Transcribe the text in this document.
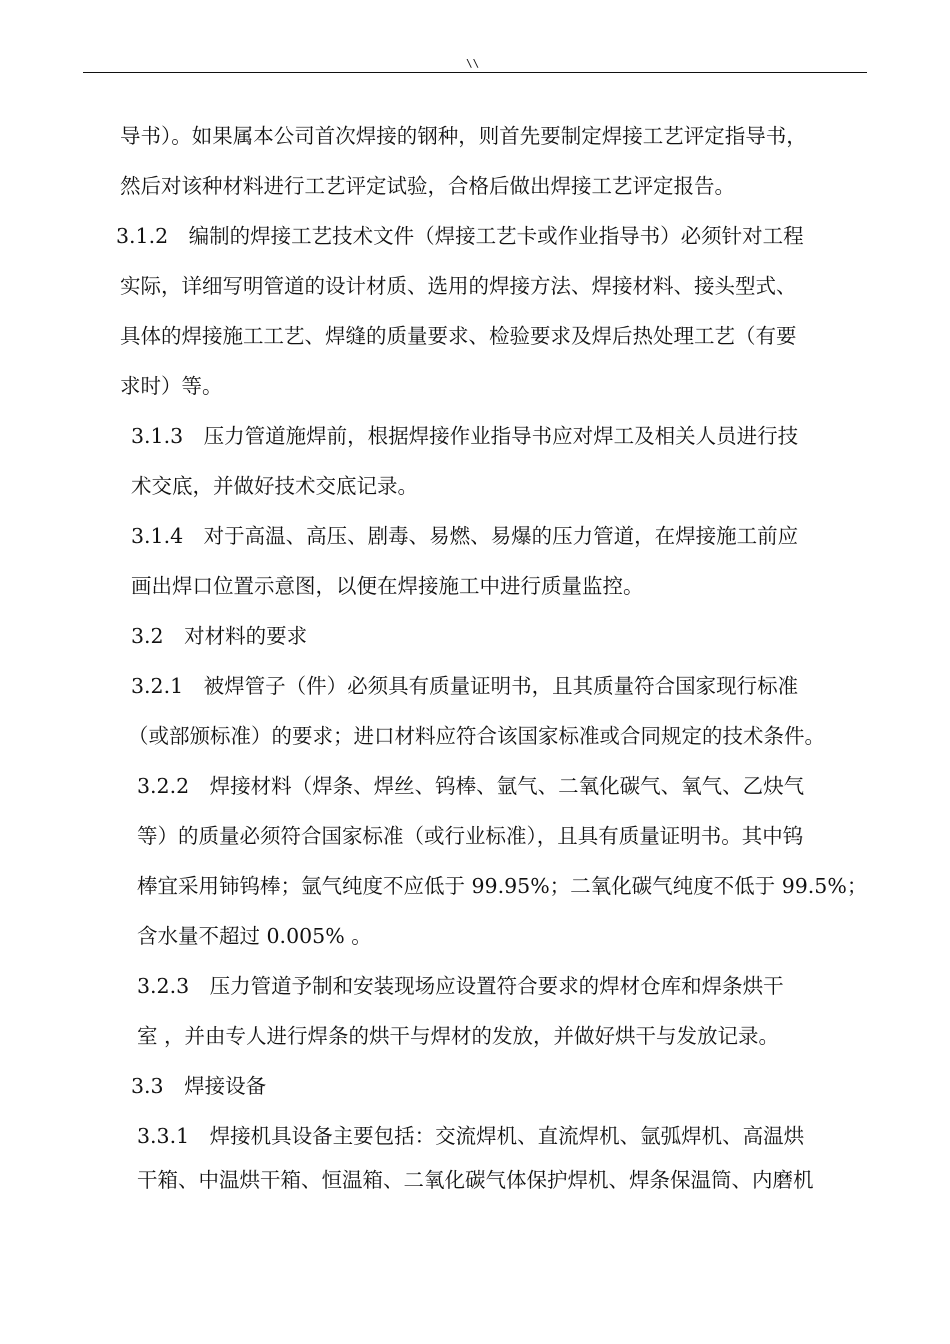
\\
导书）。如果属本公司首次焊接的钢种，则首先要制定焊接工艺评定指导书，
然后对该种材料进行工艺评定试验，合格后做出焊接工艺评定报告。
3.1.2　编制的焊接工艺技术文件（焊接工艺卡或作业指导书）必须针对工程
实际，详细写明管道的设计材质、选用的焊接方法、焊接材料、接头型式、
具体的焊接施工工艺、焊缝的质量要求、检验要求及焊后热处理工艺（有要
求时）等。
3.1.3　压力管道施焊前，根据焊接作业指导书应对焊工及相关人员进行技
术交底，并做好技术交底记录。
3.1.4　对于高温、高压、剧毒、易燃、易爆的压力管道，在焊接施工前应
画出焊口位置示意图，以便在焊接施工中进行质量监控。
3.2　对材料的要求
3.2.1　被焊管子（件）必须具有质量证明书，且其质量符合国家现行标准
（或部颁标准）的要求；进口材料应符合该国家标准或合同规定的技术条件。
3.2.2　焊接材料（焊条、焊丝、钨棒、氩气、二氧化碳气、氧气、乙炔气
等）的质量必须符合国家标准（或行业标准），且具有质量证明书。其中钨
棒宜采用铈钨棒；氩气纯度不应低于 99.95%；二氧化碳气纯度不低于 99.5%；
含水量不超过 0.005% 。
3.2.3　压力管道予制和安装现场应设置符合要求的焊材仓库和焊条烘干
室 ，并由专人进行焊条的烘干与焊材的发放，并做好烘干与发放记录。
3.3　焊接设备
3.3.1　焊接机具设备主要包括：交流焊机、直流焊机、氩弧焊机、高温烘
干箱、中温烘干箱、恒温箱、二氧化碳气体保护焊机、焊条保温筒、内磨机
